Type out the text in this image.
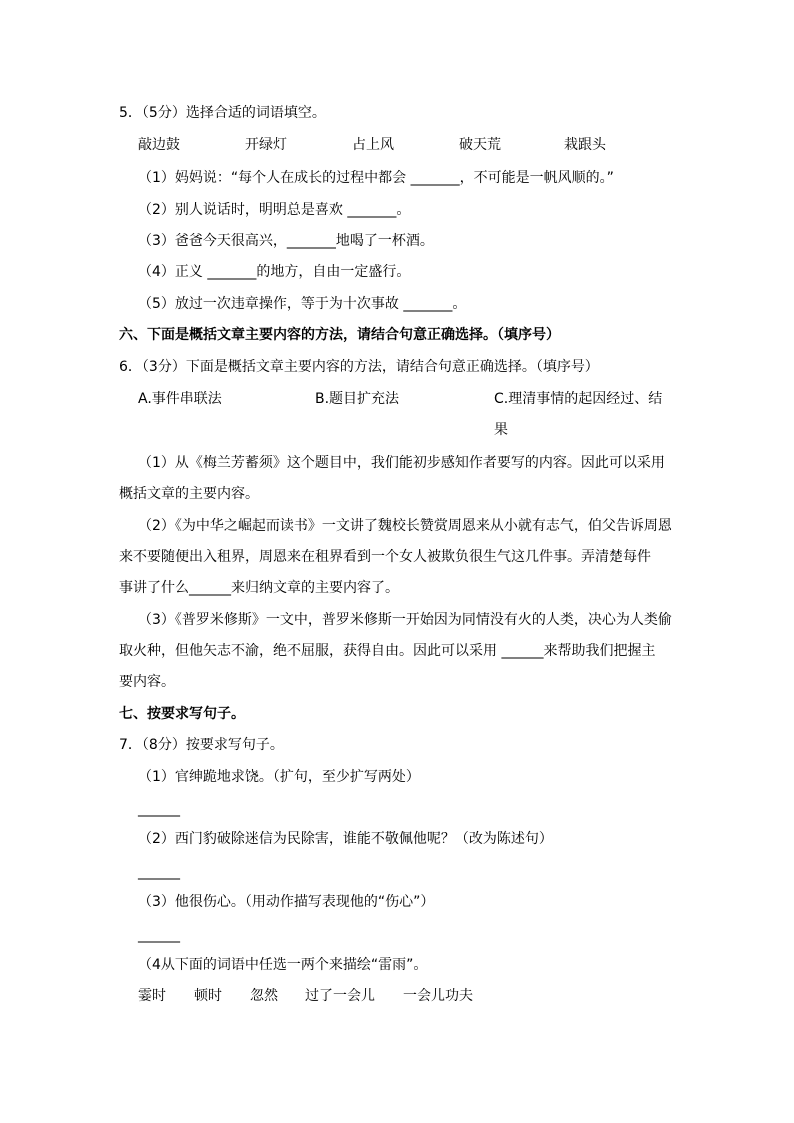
5．（5分）选择合适的词语填空。
敲边鼓	开绿灯	占上风	破天荒	栽跟头
（1）妈妈说：“每个人在成长的过程中都会 _______，不可能是一帆风顺的。”
（2）别人说话时，明明总是喜欢 _______。
（3）爸爸今天很高兴，_______地喝了一杯酒。
（4）正义 _______的地方，自由一定盛行。
（5）放过一次违章操作，等于为十次事故 _______。
六、下面是概括文章主要内容的方法，请结合句意正确选择。（填序号）
6．（3分）下面是概括文章主要内容的方法，请结合句意正确选择。（填序号）
A.事件串联法	B.题目扩充法	C.理清事情的起因经过、结
果
（1）从《梅兰芳蓄须》这个题目中，我们能初步感知作者要写的内容。因此可以采用
概括文章的主要内容。
（2）《为中华之崛起而读书》一文讲了魏校长赞赏周恩来从小就有志气，伯父告诉周恩
来不要随便出入租界，周恩来在租界看到一个女人被欺负很生气这几件事。弄清楚每件
事讲了什么______来归纳文章的主要内容了。
（3）《普罗米修斯》一文中，普罗米修斯一开始因为同情没有火的人类，决心为人类偷
取火种，但他矢志不渝，绝不屈服，获得自由。因此可以采用 ______来帮助我们把握主
要内容。
七、按要求写句子。
7．（8分）按要求写句子。
（1）官绅跪地求饶。（扩句，至少扩写两处）
______
（2）西门豹破除迷信为民除害，谁能不敬佩他呢？（改为陈述句）
______
（3）他很伤心。（用动作描写表现他的“伤心”）
______
（4从下面的词语中任选一两个来描绘“雷雨”。
霎时 顿时 忽然 过了一会儿 一会儿功夫
